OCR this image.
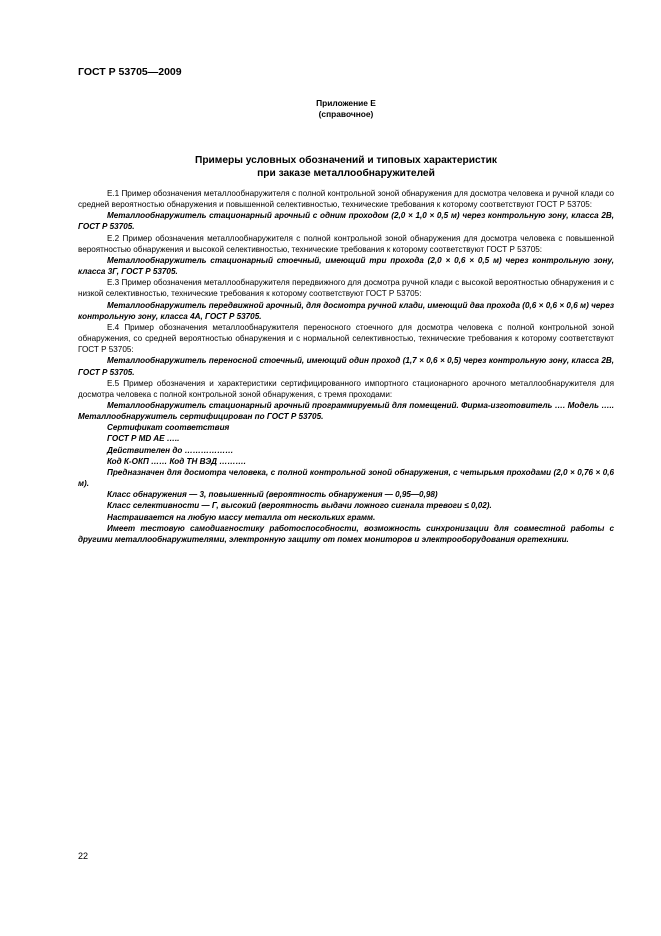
ГОСТ Р 53705—2009
Приложение Е
(справочное)
Примеры условных обозначений и типовых характеристик
при заказе металлообнаружителей

Е.1 Пример обозначения металлообнаружителя с полной контрольной зоной обнаружения для досмотра человека и ручной клади со средней вероятностью обнаружения и повышенной селективностью, технические требования к которому соответствуют ГОСТ Р 53705:

Металлообнаружитель стационарный арочный с одним проходом (2,0 × 1,0 × 0,5 м) через контрольную зону, класса 2В, ГОСТ Р 53705.

Е.2 Пример обозначения металлообнаружителя с полной контрольной зоной обнаружения для досмотра человека с повышенной вероятностью обнаружения и высокой селективностью, технические требования к которому соответствуют ГОСТ Р 53705:

Металлообнаружитель стационарный стоечный, имеющий три прохода (2,0 × 0,6 × 0,5 м) через контрольную зону, класса 3Г, ГОСТ Р 53705.

Е.3 Пример обозначения металлообнаружителя передвижного для досмотра ручной клади с высокой вероятностью обнаружения и с низкой селективностью, технические требования к которому соответствуют ГОСТ Р 53705:

Металлообнаружитель передвижной арочный, для досмотра ручной клади, имеющий два прохода (0,6 × 0,6 × 0,6 м) через контрольную зону, класса 4А, ГОСТ Р 53705.

Е.4 Пример обозначения металлообнаружителя переносного стоечного для досмотра человека с полной контрольной зоной обнаружения, со средней вероятностью обнаружения и с нормальной селективностью, технические требования к которому соответствуют ГОСТ Р 53705:

Металлообнаружитель переносной стоечный, имеющий один проход (1,7 × 0,6 × 0,5) через контрольную зону, класса 2В, ГОСТ Р 53705.

Е.5 Пример обозначения и характеристики сертифицированного импортного стационарного арочного металлообнаружителя для досмотра человека с полной контрольной зоной обнаружения, с тремя проходами:

Металлообнаружитель стационарный арочный программируемый для помещений. Фирма-изготовитель …. Модель ….. Металлообнаружитель сертифицирован по ГОСТ Р 53705.

Сертификат соответствия

ГОСТ Р MD AE …..

Действителен до ………………

Код К-ОКП …… Код ТН ВЭД ……….

Предназначен для досмотра человека, с полной контрольной зоной обнаружения, с четырьмя проходами (2,0 × 0,76 × 0,6 м).

Класс обнаружения — 3, повышенный (вероятность обнаружения — 0,95—0,98)

Класс селективности — Г, высокий (вероятность выдачи ложного сигнала тревоги ≤ 0,02).

Настраивается на любую массу металла от нескольких грамм.

Имеет тестовую самодиагностику работоспособности, возможность синхронизации для совместной работы с другими металлообнаружителями, электронную защиту от помех мониторов и электрооборудования оргтехники.

22
